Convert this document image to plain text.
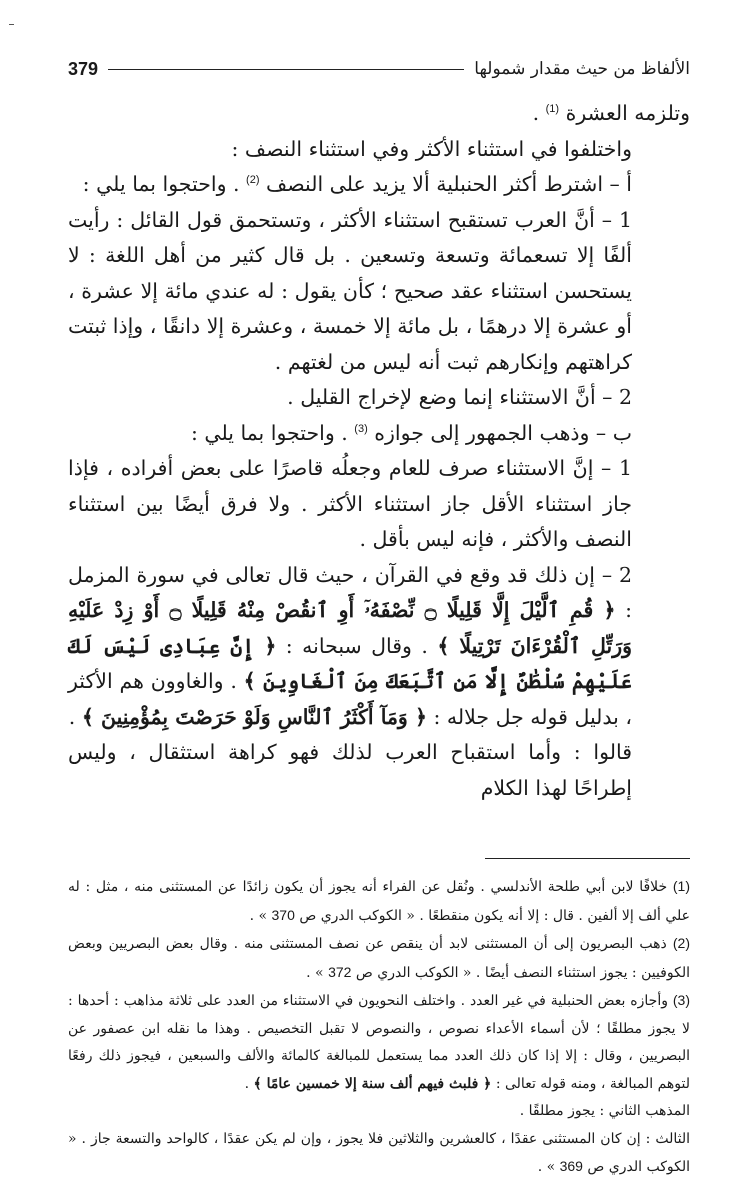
الألفاظ من حيث مقدار شمولها
379

وتلزمه العشرة $^{(1)}$ .

واختلفوا في استثناء الأكثر وفي استثناء النصف :

أ – اشترط أكثر الحنبلية ألا يزيد على النصف $^{(2)}$ . واحتجوا بما يلي :

1 – أنَّ العرب تستقبح استثناء الأكثر ، وتستحمق قول القائل : رأيت ألفًا إلا تسعمائة وتسعة وتسعين . بل قال كثير من أهل اللغة : لا يستحسن استثناء عقد صحيح ؛ كأن يقول : له عندي مائة إلا عشرة ، أو عشرة إلا درهمًا ، بل مائة إلا خمسة ، وعشرة إلا دانقًا ، وإذا ثبتت كراهتهم وإنكارهم ثبت أنه ليس من لغتهم .

2 – أنَّ الاستثناء إنما وضع لإخراج القليل .

ب – وذهب الجمهور إلى جوازه $^{(3)}$ . واحتجوا بما يلي :

1 – إنَّ الاستثناء صرف للعام وجعلُه قاصرًا على بعض أفراده ، فإذا جاز استثناء الأقل جاز استثناء الأكثر . ولا فرق أيضًا بين استثناء النصف والأكثر ، فإنه ليس بأقل .

2 – إن ذلك قد وقع في القرآن ، حيث قال تعالى في سورة المزمل : ﴿ قُمِ ٱلَّيْلَ إِلَّا قَلِيلًا ۝ نِّصْفَهُۥٓ أَوِ ٱنقُصْ مِنْهُ قَلِيلًا ۝ أَوْ زِدْ عَلَيْهِ وَرَتِّلِ ٱلْقُرْءَانَ تَرْتِيلًا ﴾ . وقال سبحانه : ﴿ إِنَّ عِبَادِى لَيْسَ لَكَ عَلَيْهِمْ سُلْطَٰنٌ إِلَّا مَنِ ٱتَّبَعَكَ مِنَ ٱلْغَاوِينَ ﴾ . والغاوون هم الأكثر ، بدليل قوله جل جلاله : ﴿ وَمَآ أَكْثَرُ ٱلنَّاسِ وَلَوْ حَرَصْتَ بِمُؤْمِنِينَ ﴾ .

قالوا : وأما استقباح العرب لذلك فهو كراهة استثقال ، وليس إطراحًا لهذا الكلام

(1) خلافًا لابن أبي طلحة الأندلسي . ونُقل عن الفراء أنه يجوز أن يكون زائدًا عن المستثنى منه ، مثل : له علي ألف إلا ألفين . قال : إلا أنه يكون منقطعًا . « الكوكب الدري ص 370 » .

(2) ذهب البصريون إلى أن المستثنى لابد أن ينقص عن نصف المستثنى منه . وقال بعض البصريين وبعض الكوفيين : يجوز استثناء النصف أيضًا . « الكوكب الدري ص 372 » .

(3) وأجازه بعض الحنبلية في غير العدد . واختلف النحويون في الاستثناء من العدد على ثلاثة مذاهب : أحدها : لا يجوز مطلقًا ؛ لأن أسماء الأعداء نصوص ، والنصوص لا تقبل التخصيص . وهذا ما نقله ابن عصفور عن البصريين ، وقال : إلا إذا كان ذلك العدد مما يستعمل للمبالغة كالمائة والألف والسبعين ، فيجوز ذلك رفعًا لتوهم المبالغة ، ومنه قوله تعالى : ﴿ فلبث فيهم ألف سنة إلا خمسين عامًا ﴾ .

المذهب الثاني : يجوز مطلقًا .

الثالث : إن كان المستثنى عقدًا ، كالعشرين والثلاثين فلا يجوز ، وإن لم يكن عقدًا ، كالواحد والتسعة جاز . « الكوكب الدري ص 369 » .
